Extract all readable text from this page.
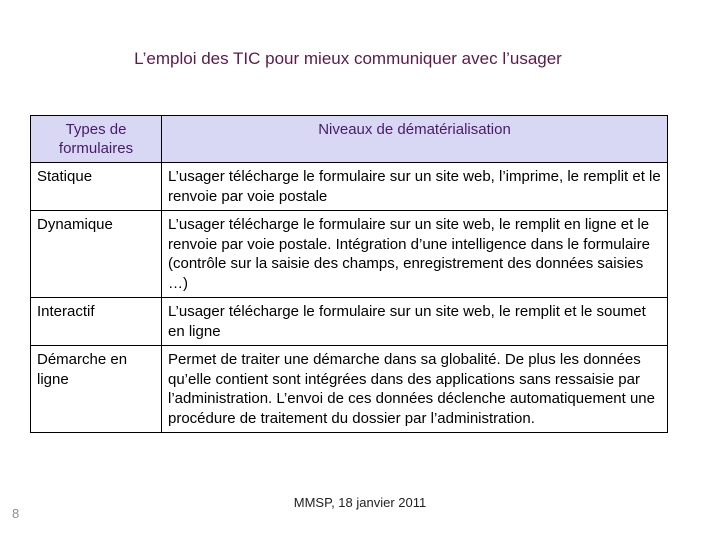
L’emploi des TIC pour mieux communiquer avec l’usager
Types de formulaires	Niveaux de dématérialisation
Statique	L’usager télécharge le formulaire sur un site web, l’imprime, le remplit et le renvoie par voie postale
Dynamique	L’usager télécharge le formulaire sur un site web, le remplit en ligne et le renvoie par voie postale. Intégration d’une intelligence dans le formulaire (contrôle sur la saisie des champs, enregistrement des données saisies …)
Interactif	L’usager télécharge le formulaire sur un site web, le remplit et le soumet en ligne
Démarche en ligne	Permet de traiter une démarche dans sa globalité. De plus les données qu’elle contient sont intégrées dans des applications sans ressaisie par l’administration. L’envoi de ces données déclenche automatiquement une procédure de traitement du dossier par l’administration.
8
MMSP, 18 janvier 2011
